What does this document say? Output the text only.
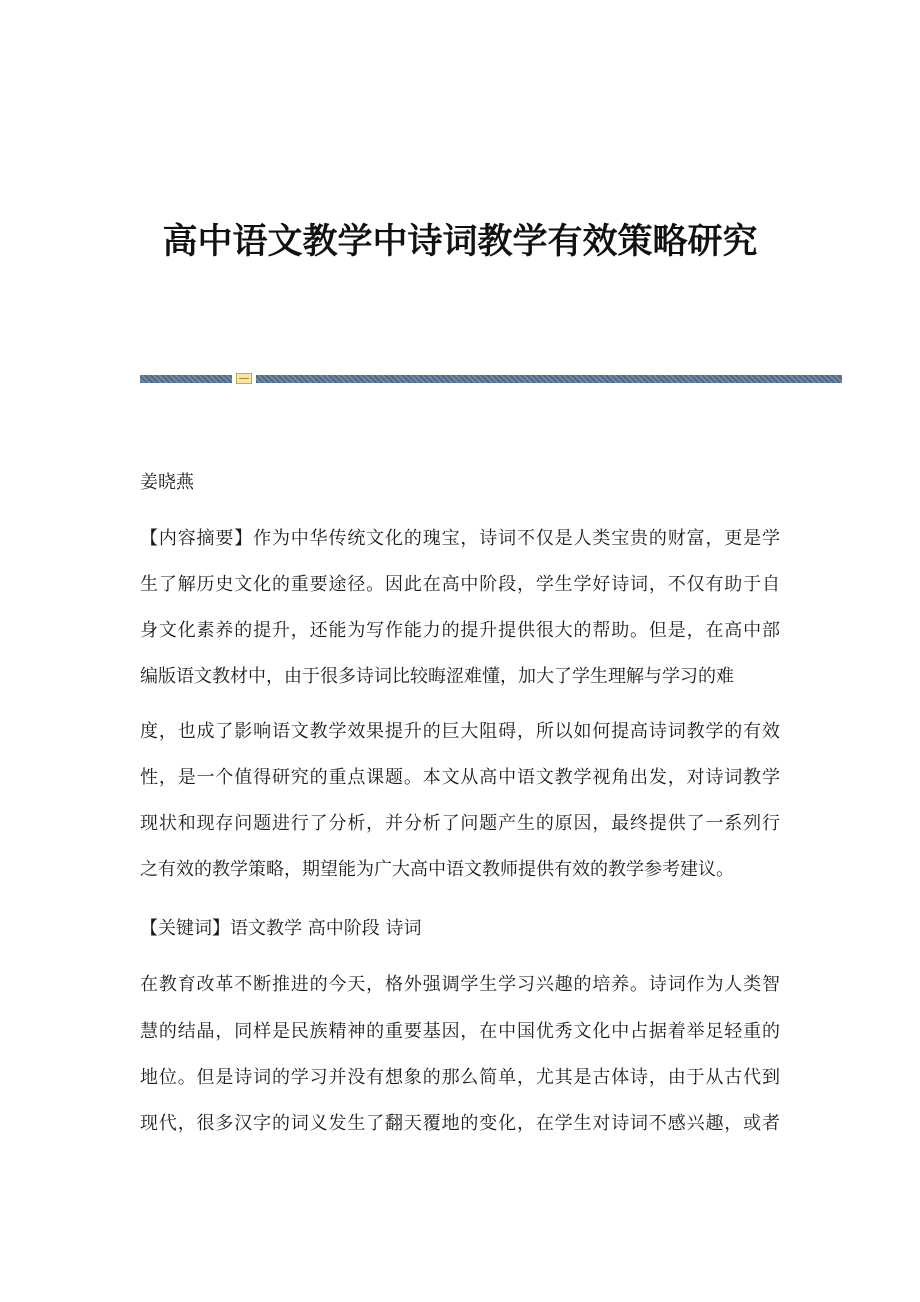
高中语文教学中诗词教学有效策略研究
姜晓燕
【内容摘要】作为中华传统文化的瑰宝，诗词不仅是人类宝贵的财富，更是学
生了解历史文化的重要途径。因此在高中阶段，学生学好诗词，不仅有助于自
身文化素养的提升，还能为写作能力的提升提供很大的帮助。但是，在高中部
编版语文教材中，由于很多诗词比较晦涩难懂，加大了学生理解与学习的难
度，也成了影响语文教学效果提升的巨大阻碍，所以如何提高诗词教学的有效
性，是一个值得研究的重点课题。本文从高中语文教学视角出发，对诗词教学
现状和现存问题进行了分析，并分析了问题产生的原因，最终提供了一系列行
之有效的教学策略，期望能为广大高中语文教师提供有效的教学参考建议。
【关键词】语文教学 高中阶段 诗词
在教育改革不断推进的今天，格外强调学生学习兴趣的培养。诗词作为人类智
慧的结晶，同样是民族精神的重要基因，在中国优秀文化中占据着举足轻重的
地位。但是诗词的学习并没有想象的那么简单，尤其是古体诗，由于从古代到
现代，很多汉字的词义发生了翻天覆地的变化，在学生对诗词不感兴趣，或者
